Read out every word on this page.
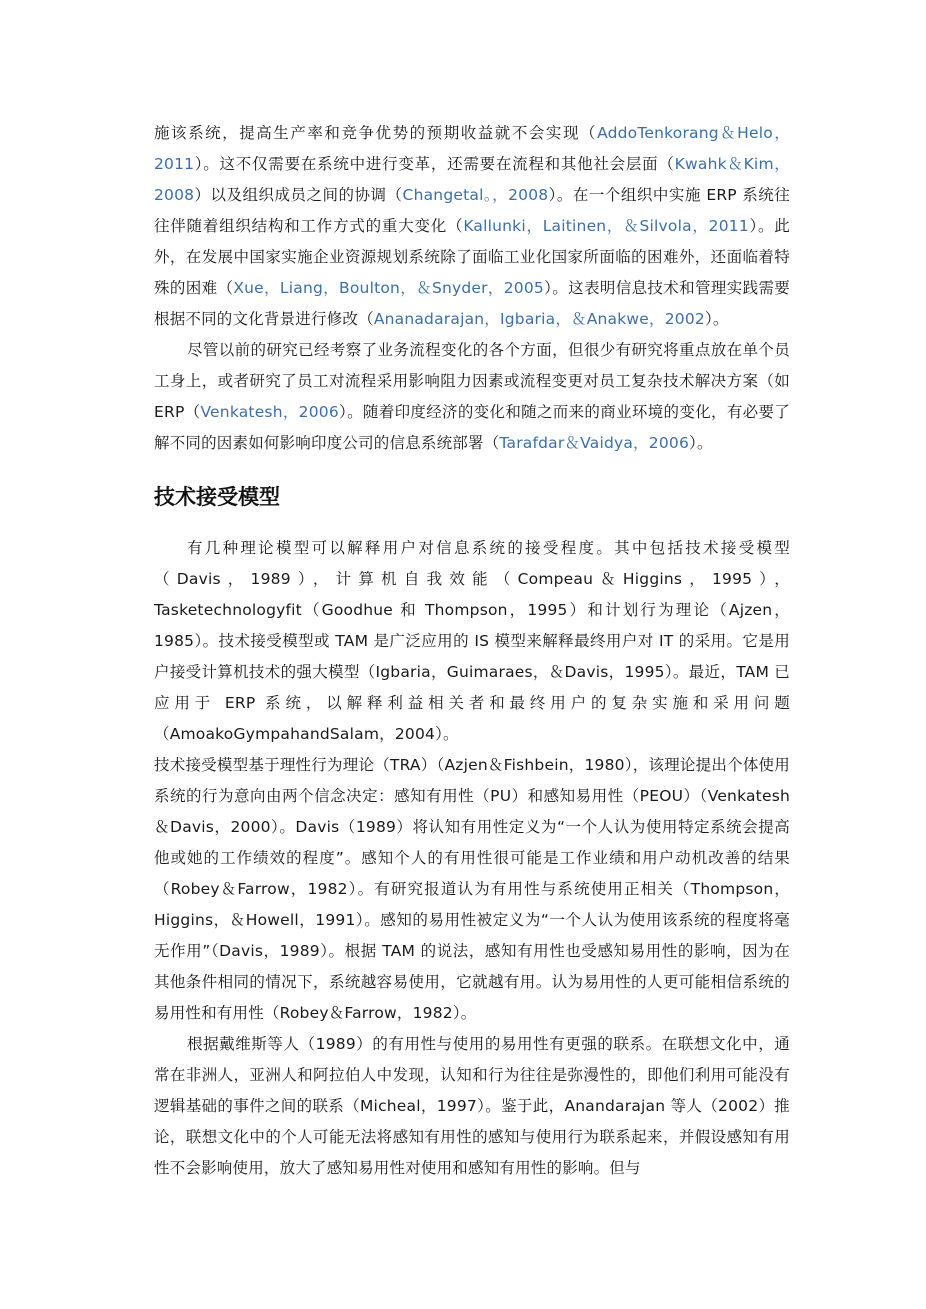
施该系统，提高生产率和竞争优势的预期收益就不会实现（AddoTenkorang＆Helo，2011）。这不仅需要在系统中进行变革，还需要在流程和其他社会层面（Kwahk＆Kim，2008）以及组织成员之间的协调（Changetal。，2008）。在一个组织中实施 ERP 系统往往伴随着组织结构和工作方式的重大变化（Kallunki，Laitinen，＆Silvola，2011）。此外，在发展中国家实施企业资源规划系统除了面临工业化国家所面临的困难外，还面临着特殊的困难（Xue，Liang，Boulton，＆Snyder，2005）。这表明信息技术和管理实践需要根据不同的文化背景进行修改（Ananadarajan，Igbaria，＆Anakwe，2002）。

尽管以前的研究已经考察了业务流程变化的各个方面，但很少有研究将重点放在单个员工身上，或者研究了员工对流程采用影响阻力因素或流程变更对员工复杂技术解决方案（如 ERP（Venkatesh，2006）。随着印度经济的变化和随之而来的商业环境的变化，有必要了解不同的因素如何影响印度公司的信息系统部署（Tarafdar＆Vaidya，2006）。

技术接受模型

有几种理论模型可以解释用户对信息系统的接受程度。其中包括技术接受模型（Davis，1989），计算机自我效能（Compeau＆Higgins，1995），Tasketechnologyfit（Goodhue 和 Thompson，1995）和计划行为理论（Ajzen，1985）。技术接受模型或 TAM 是广泛应用的 IS 模型来解释最终用户对 IT 的采用。它是用户接受计算机技术的强大模型（Igbaria，Guimaraes，＆Davis，1995）。最近，TAM 已应用于 ERP 系统，以解释利益相关者和最终用户的复杂实施和采用问题（AmoakoGympahandSalam，2004）。

技术接受模型基于理性行为理论（TRA）（Azjen＆Fishbein，1980），该理论提出个体使用系统的行为意向由两个信念决定：感知有用性（PU）和感知易用性（PEOU）（Venkatesh＆Davis，2000）。Davis（1989）将认知有用性定义为“一个人认为使用特定系统会提高他或她的工作绩效的程度”。感知个人的有用性很可能是工作业绩和用户动机改善的结果（Robey＆Farrow，1982）。有研究报道认为有用性与系统使用正相关（Thompson，Higgins，＆Howell，1991）。感知的易用性被定义为“一个人认为使用该系统的程度将毫无作用”（Davis，1989）。根据 TAM 的说法，感知有用性也受感知易用性的影响，因为在其他条件相同的情况下，系统越容易使用，它就越有用。认为易用性的人更可能相信系统的易用性和有用性（Robey＆Farrow，1982）。

根据戴维斯等人（1989）的有用性与使用的易用性有更强的联系。在联想文化中，通常在非洲人，亚洲人和阿拉伯人中发现，认知和行为往往是弥漫性的，即他们利用可能没有逻辑基础的事件之间的联系（Micheal，1997）。鉴于此，Anandarajan 等人（2002）推论，联想文化中的个人可能无法将感知有用性的感知与使用行为联系起来，并假设感知有用性不会影响使用，放大了感知易用性对使用和感知有用性的影响。但与
